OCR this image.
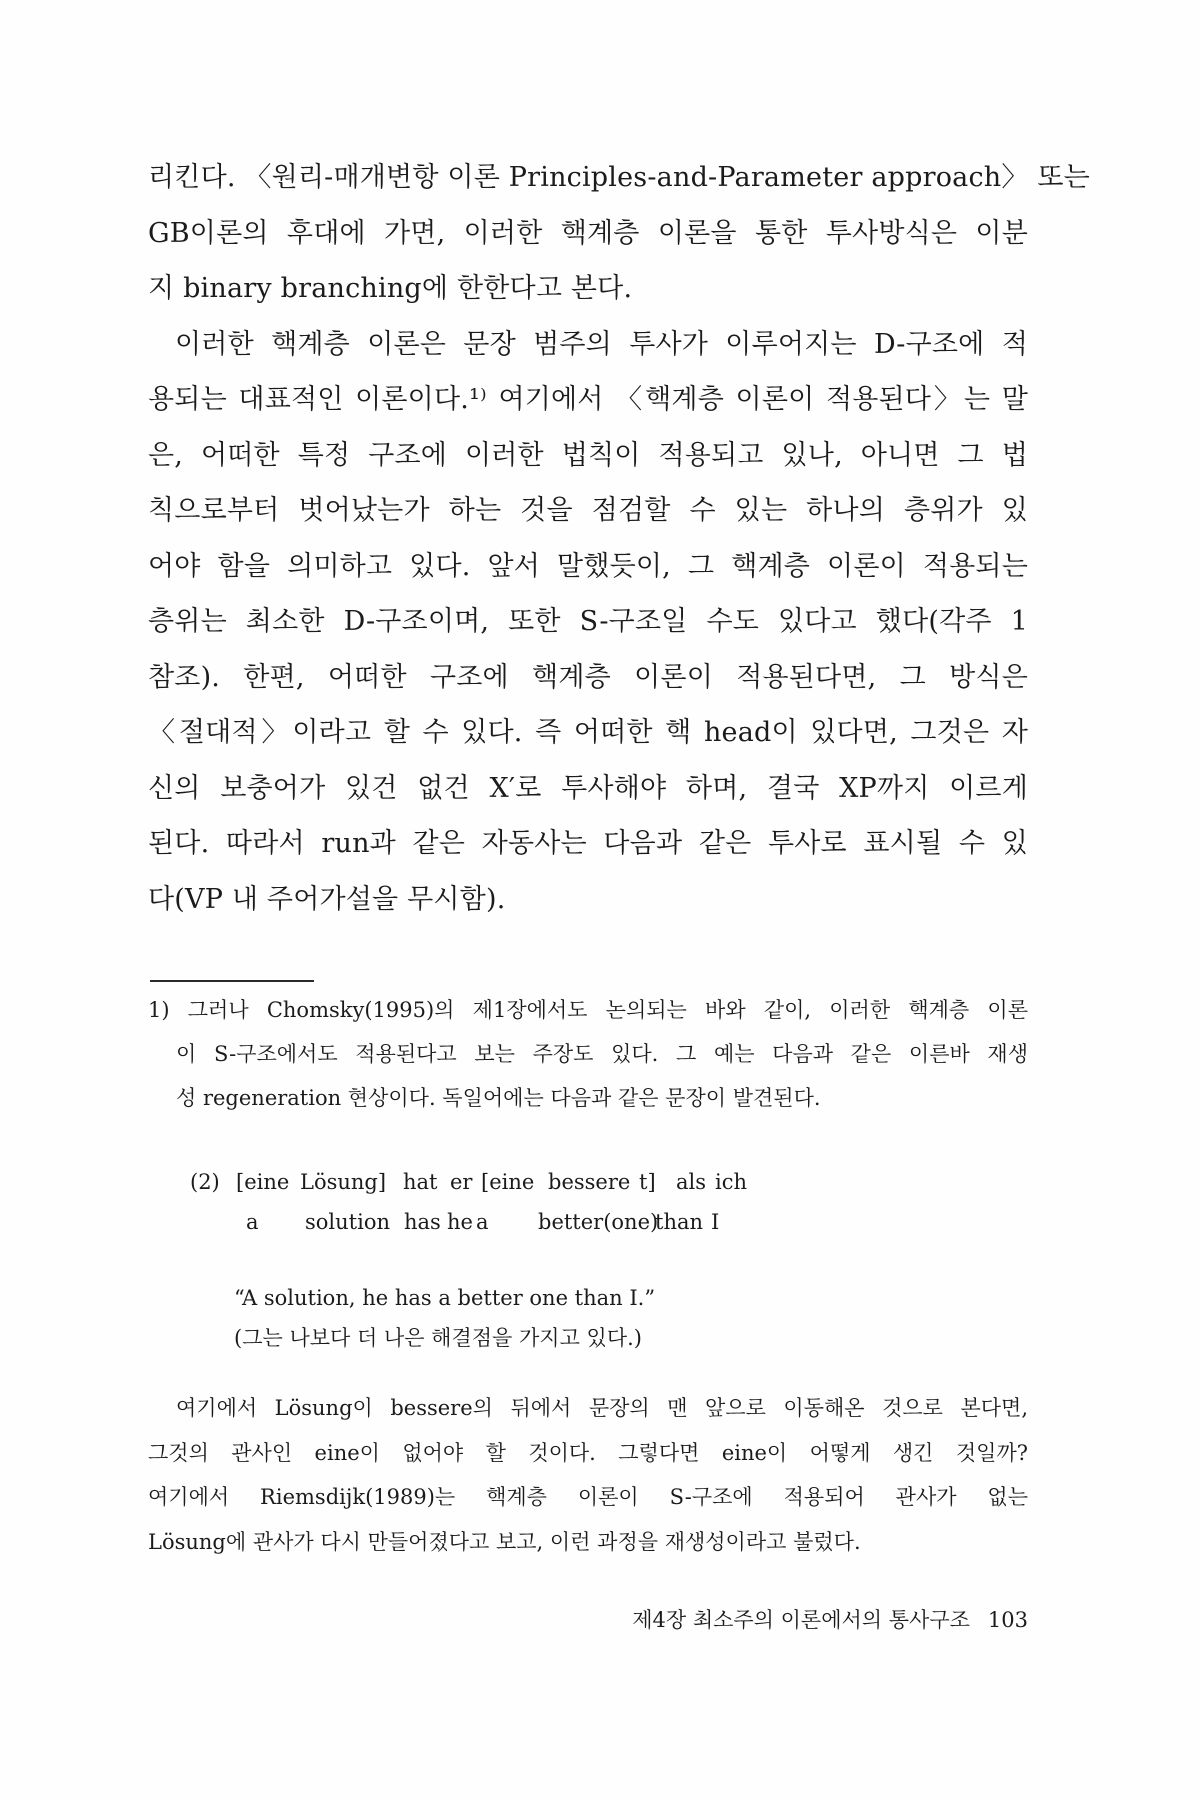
리킨다. 〈원리-매개변항 이론 Principles-and-Parameter approach〉 또는
GB이론의 후대에 가면, 이러한 핵계층 이론을 통한 투사방식은 이분
지 binary branching에 한한다고 본다.
이러한 핵계층 이론은 문장 범주의 투사가 이루어지는 D-구조에 적
용되는 대표적인 이론이다.¹⁾ 여기에서 〈핵계층 이론이 적용된다〉는 말
은, 어떠한 특정 구조에 이러한 법칙이 적용되고 있나, 아니면 그 법
칙으로부터 벗어났는가 하는 것을 점검할 수 있는 하나의 층위가 있
어야 함을 의미하고 있다. 앞서 말했듯이, 그 핵계층 이론이 적용되는
층위는 최소한 D-구조이며, 또한 S-구조일 수도 있다고 했다(각주 1
참조). 한편, 어떠한 구조에 핵계층 이론이 적용된다면, 그 방식은
〈절대적〉이라고 할 수 있다. 즉 어떠한 핵 head이 있다면, 그것은 자
신의 보충어가 있건 없건 X′로 투사해야 하며, 결국 XP까지 이르게
된다. 따라서 run과 같은 자동사는 다음과 같은 투사로 표시될 수 있
다(VP 내 주어가설을 무시함).
1) 그러나 Chomsky(1995)의 제1장에서도 논의되는 바와 같이, 이러한 핵계층 이론
이 S-구조에서도 적용된다고 보는 주장도 있다. 그 예는 다음과 같은 이른바 재생
성 regeneration 현상이다. 독일어에는 다음과 같은 문장이 발견된다.
(2) [eine Lösung] hat er [eine bessere t] als ich
a solution has he a better(one)
than I
“A solution, he has a better one than I.”
(그는 나보다 더 나은 해결점을 가지고 있다.)
여기에서 Lösung이 bessere의 뒤에서 문장의 맨 앞으로 이동해온 것으로 본다면,
그것의 관사인 eine이 없어야 할 것이다. 그렇다면 eine이 어떻게 생긴 것일까?
여기에서 Riemsdijk(1989)는 핵계층 이론이 S-구조에 적용되어 관사가 없는
Lösung에 관사가 다시 만들어졌다고 보고, 이런 과정을 재생성이라고 불렀다.
제4장 최소주의 이론에서의 통사구조 103
